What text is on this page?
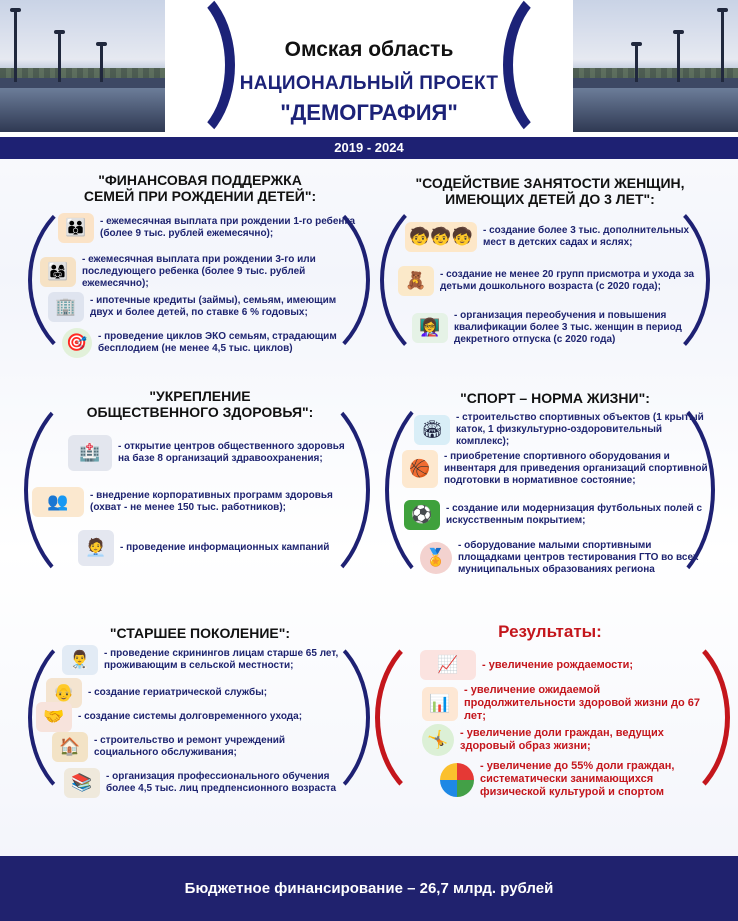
Омская область
НАЦИОНАЛЬНЫЙ ПРОЕКТ
"ДЕМОГРАФИЯ"
2019 - 2024
"ФИНАНСОВАЯ ПОДДЕРЖКА
СЕМЕЙ ПРИ РОЖДЕНИИ ДЕТЕЙ":
👪	- ежемесячная выплата при рождении 1-го ребенка (более 9 тыс. рублей ежемесячно);
👨‍👩‍👧
- ежемесячная выплата при рождении 3-го или последующего ребенка (более 9 тыс. рублей ежемесячно);
🏢	- ипотечные кредиты (займы), семьям, имеющим двух и более детей, по ставке 6 % годовых;
🎯	- проведение циклов ЭКО семьям, страдающим бесплодием (не менее 4,5 тыс. циклов)
"СОДЕЙСТВИЕ ЗАНЯТОСТИ ЖЕНЩИН,
ИМЕЮЩИХ ДЕТЕЙ ДО 3 ЛЕТ":
🧒🧒🧒	- создание более 3 тыс. дополнительных мест в детских садах и яслях;
🧸	- создание не менее 20 групп присмотра и ухода за детьми дошкольного возраста (с 2020 года);
👩‍🏫
- организация переобучения и повышения квалификации более 3 тыс. женщин в период декретного отпуска (с 2020 года)
"УКРЕПЛЕНИЕ
ОБЩЕСТВЕННОГО ЗДОРОВЬЯ":
🏥	- открытие центров общественного здоровья на базе 8 организаций здравоохранения;
👥	- внедрение корпоративных программ здоровья (охват - не менее 150 тыс. работников);
🧑‍💼	- проведение информационных кампаний
"СПОРТ – НОРМА ЖИЗНИ":
🏟
- строительство спортивных объектов (1 крытый каток, 1 физкультурно-оздоровительный комплекс);
🏀
- приобретение спортивного оборудования и инвентаря для приведения организаций спортивной подготовки в нормативное состояние;
⚽	- создание или модернизация футбольных полей с искусственным покрытием;
🏅
- оборудование малыми спортивными площадками центров тестирования ГТО во всех муниципальных образованиях региона
"СТАРШЕЕ ПОКОЛЕНИЕ":
👨‍⚕️	- проведение скринингов лицам старше 65 лет, проживающим в сельской местности;
👴	- создание гериатрической службы;
🤝	- создание системы долговременного ухода;
🏠	- строительство и ремонт учреждений социального обслуживания;
📚	- организация профессионального обучения более 4,5 тыс. лиц предпенсионного возраста
Результаты:
📈	- увеличение рождаемости;
📊
- увеличение ожидаемой продолжительности здоровой жизни до 67 лет;
🤸	- увеличение доли граждан, ведущих здоровый образ жизни;
- увеличение до 55% доли граждан, систематически занимающихся физической культурой и спортом
Бюджетное финансирование – 26,7 млрд. рублей
